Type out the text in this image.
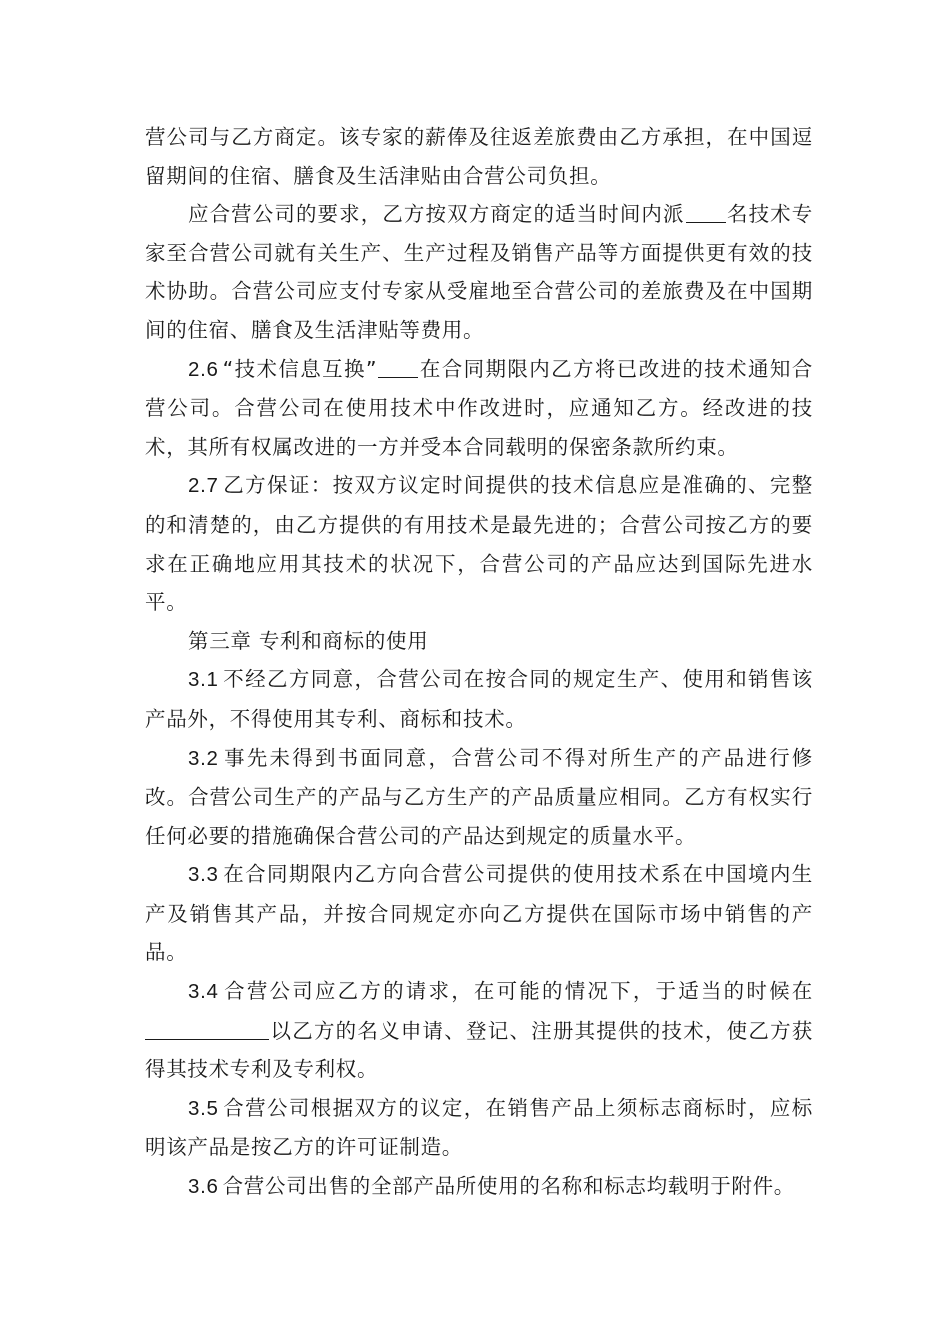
营公司与乙方商定。该专家的薪俸及往返差旅费由乙方承担，在中国逗留期间的住宿、膳食及生活津贴由合营公司负担。

应合营公司的要求，乙方按双方商定的适当时间内派 名技术专家至合营公司就有关生产、生产过程及销售产品等方面提供更有效的技术协助。合营公司应支付专家从受雇地至合营公司的差旅费及在中国期间的住宿、膳食及生活津贴等费用。

2.6 “技术信息互换” 在合同期限内乙方将已改进的技术通知合营公司。合营公司在使用技术中作改进时，应通知乙方。经改进的技术，其所有权属改进的一方并受本合同载明的保密条款所约束。

2.7 乙方保证：按双方议定时间提供的技术信息应是准确的、完整的和清楚的，由乙方提供的有用技术是最先进的；合营公司按乙方的要求在正确地应用其技术的状况下，合营公司的产品应达到国际先进水平。

第三章 专利和商标的使用

3.1 不经乙方同意，合营公司在按合同的规定生产、使用和销售该产品外，不得使用其专利、商标和技术。

3.2 事先未得到书面同意，合营公司不得对所生产的产品进行修改。合营公司生产的产品与乙方生产的产品质量应相同。乙方有权实行任何必要的措施确保合营公司的产品达到规定的质量水平。

3.3 在合同期限内乙方向合营公司提供的使用技术系在中国境内生产及销售其产品，并按合同规定亦向乙方提供在国际市场中销售的产品。

3.4 合营公司应乙方的请求，在可能的情况下，于适当的时候在以乙方的名义申请、登记、注册其提供的技术，使乙方获得其技术专利及专利权。

3.5 合营公司根据双方的议定，在销售产品上须标志商标时，应标明该产品是按乙方的许可证制造。

3.6 合营公司出售的全部产品所使用的名称和标志均载明于附件。
